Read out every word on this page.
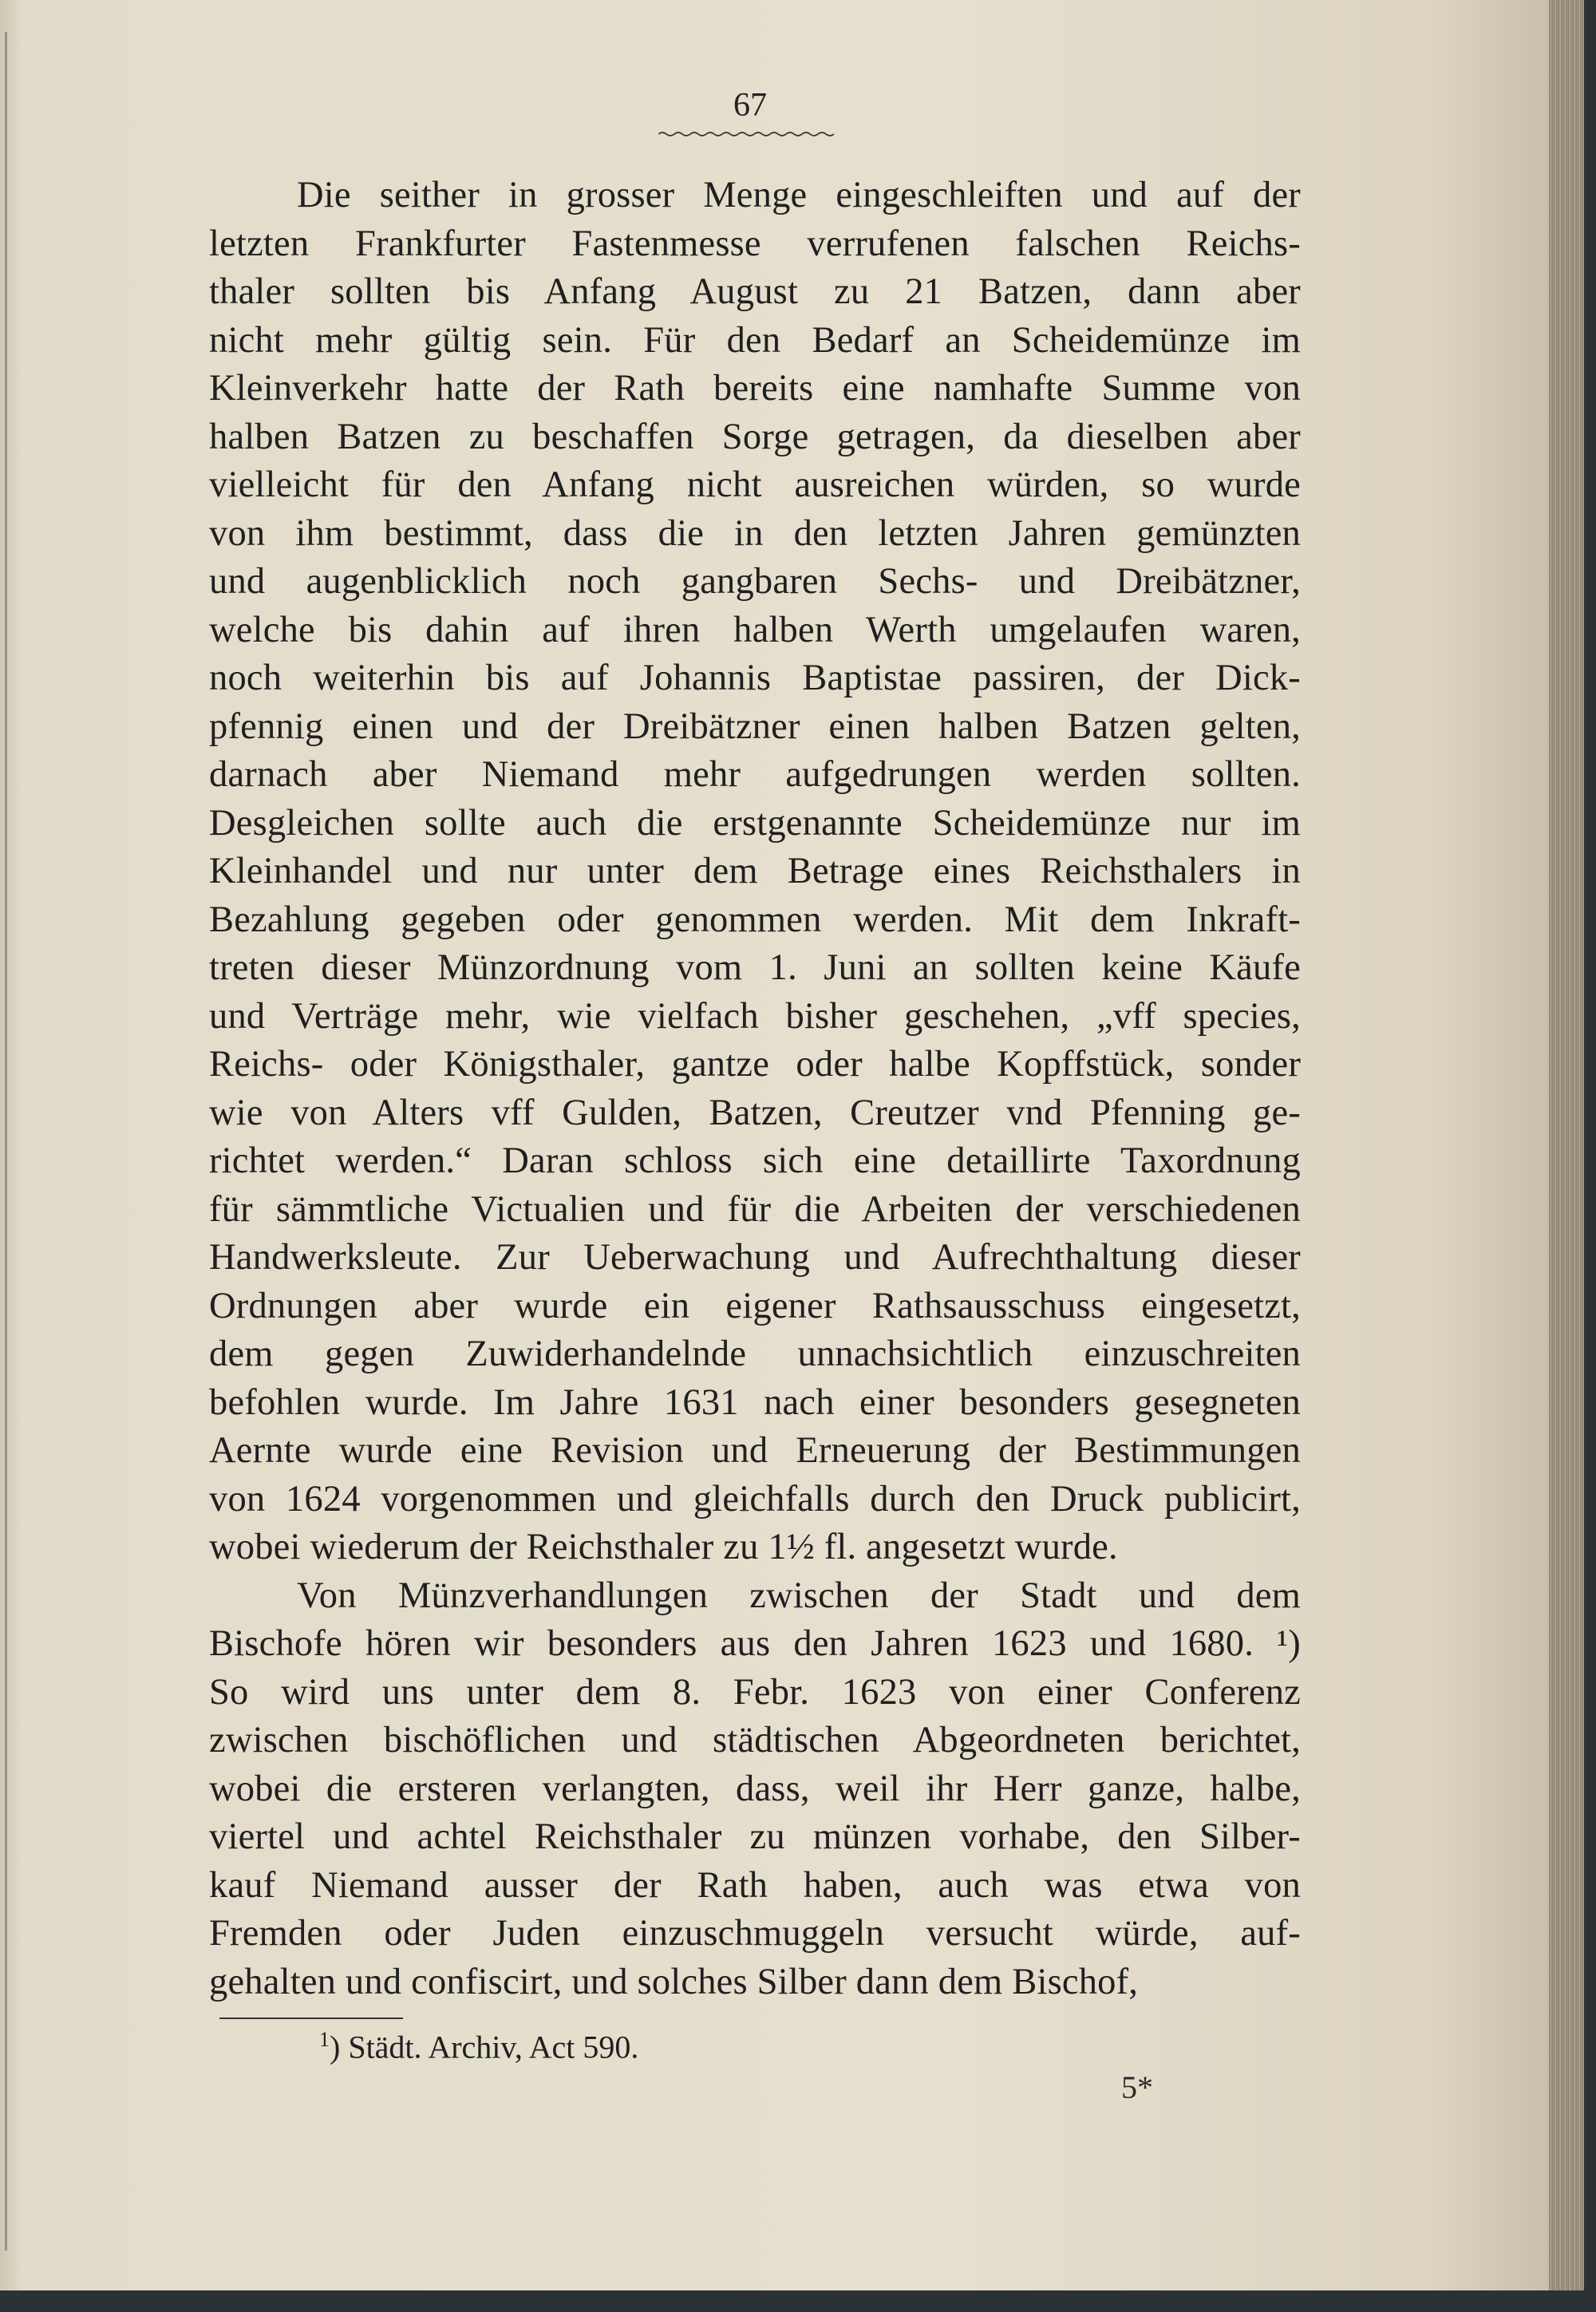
67
Die seither in grosser Menge eingeschleiften und auf der
letzten Frankfurter Fastenmesse verrufenen falschen Reichs-
thaler sollten bis Anfang August zu 21 Batzen, dann aber
nicht mehr gültig sein. Für den Bedarf an Scheidemünze im
Kleinverkehr hatte der Rath bereits eine namhafte Summe von
halben Batzen zu beschaffen Sorge getragen, da dieselben aber
vielleicht für den Anfang nicht ausreichen würden, so wurde
von ihm bestimmt, dass die in den letzten Jahren gemünzten
und augenblicklich noch gangbaren Sechs- und Dreibätzner,
welche bis dahin auf ihren halben Werth umgelaufen waren,
noch weiterhin bis auf Johannis Baptistae passiren, der Dick-
pfennig einen und der Dreibätzner einen halben Batzen gelten,
darnach aber Niemand mehr aufgedrungen werden sollten.
Desgleichen sollte auch die erstgenannte Scheidemünze nur im
Kleinhandel und nur unter dem Betrage eines Reichsthalers in
Bezahlung gegeben oder genommen werden. Mit dem Inkraft-
treten dieser Münzordnung vom 1. Juni an sollten keine Käufe
und Verträge mehr, wie vielfach bisher geschehen, „vff species,
Reichs- oder Königsthaler, gantze oder halbe Kopffstück, sonder
wie von Alters vff Gulden, Batzen, Creutzer vnd Pfenning ge-
richtet werden.“ Daran schloss sich eine detaillirte Taxordnung
für sämmtliche Victualien und für die Arbeiten der verschiedenen
Handwerksleute. Zur Ueberwachung und Aufrechthaltung dieser
Ordnungen aber wurde ein eigener Rathsausschuss eingesetzt,
dem gegen Zuwiderhandelnde unnachsichtlich einzuschreiten
befohlen wurde. Im Jahre 1631 nach einer besonders gesegneten
Aernte wurde eine Revision und Erneuerung der Bestimmungen
von 1624 vorgenommen und gleichfalls durch den Druck publicirt,
wobei wiederum der Reichsthaler zu 1½ fl. angesetzt wurde.
Von Münzverhandlungen zwischen der Stadt und dem
Bischofe hören wir besonders aus den Jahren 1623 und 1680. ¹)
So wird uns unter dem 8. Febr. 1623 von einer Conferenz
zwischen bischöflichen und städtischen Abgeordneten berichtet,
wobei die ersteren verlangten, dass, weil ihr Herr ganze, halbe,
viertel und achtel Reichsthaler zu münzen vorhabe, den Silber-
kauf Niemand ausser der Rath haben, auch was etwa von
Fremden oder Juden einzuschmuggeln versucht würde, auf-
gehalten und confiscirt, und solches Silber dann dem Bischof,
$^1$) Städt. Archiv, Act 590.
5*
